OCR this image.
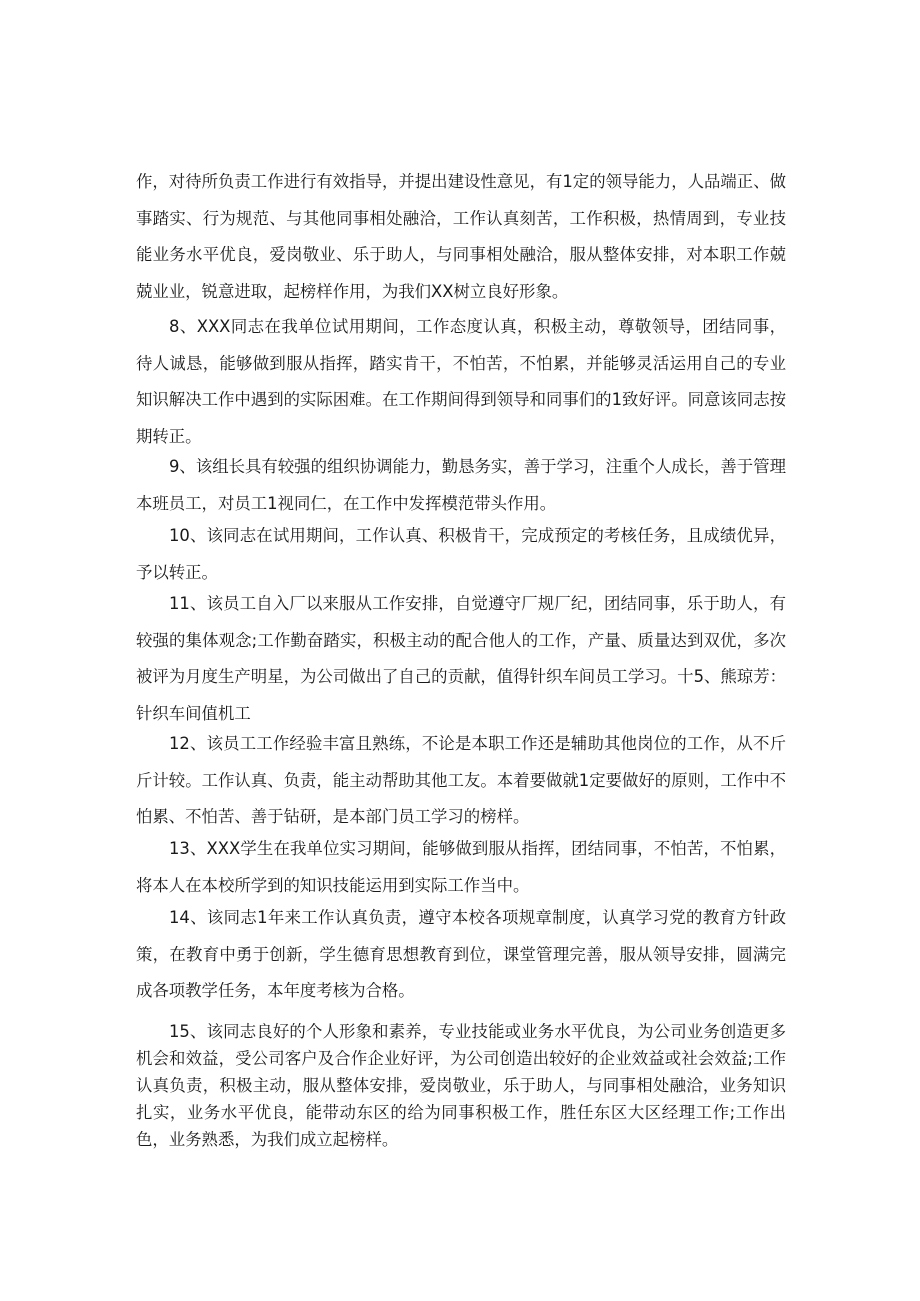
作，对待所负责工作进行有效指导，并提出建设性意见，有1定的领导能力，人品端正、做事踏实、行为规范、与其他同事相处融洽，工作认真刻苦，工作积极，热情周到，专业技能业务水平优良，爱岗敬业、乐于助人，与同事相处融洽，服从整体安排，对本职工作兢兢业业，锐意进取，起榜样作用，为我们XX树立良好形象。

8、XXX同志在我单位试用期间，工作态度认真，积极主动，尊敬领导，团结同事，待人诚恳，能够做到服从指挥，踏实肯干，不怕苦，不怕累，并能够灵活运用自己的专业知识解决工作中遇到的实际困难。在工作期间得到领导和同事们的1致好评。同意该同志按期转正。

9、该组长具有较强的组织协调能力，勤恳务实，善于学习，注重个人成长，善于管理本班员工，对员工1视同仁，在工作中发挥模范带头作用。

10、该同志在试用期间，工作认真、积极肯干，完成预定的考核任务，且成绩优异，予以转正。

11、该员工自入厂以来服从工作安排，自觉遵守厂规厂纪，团结同事，乐于助人，有较强的集体观念;工作勤奋踏实，积极主动的配合他人的工作，产量、质量达到双优，多次被评为月度生产明星，为公司做出了自己的贡献，值得针织车间员工学习。十5、熊琼芳：针织车间值机工

12、该员工工作经验丰富且熟练，不论是本职工作还是辅助其他岗位的工作，从不斤斤计较。工作认真、负责，能主动帮助其他工友。本着要做就1定要做好的原则，工作中不怕累、不怕苦、善于钻研，是本部门员工学习的榜样。

13、XXX学生在我单位实习期间，能够做到服从指挥，团结同事，不怕苦，不怕累，将本人在本校所学到的知识技能运用到实际工作当中。

14、该同志1年来工作认真负责，遵守本校各项规章制度，认真学习党的教育方针政策，在教育中勇于创新，学生德育思想教育到位，课堂管理完善，服从领导安排，圆满完成各项教学任务，本年度考核为合格。

15、该同志良好的个人形象和素养，专业技能或业务水平优良，为公司业务创造更多机会和效益，受公司客户及合作企业好评，为公司创造出较好的企业效益或社会效益;工作认真负责，积极主动，服从整体安排，爱岗敬业，乐于助人，与同事相处融洽，业务知识扎实，业务水平优良，能带动东区的给为同事积极工作，胜任东区大区经理工作;工作出色，业务熟悉，为我们成立起榜样。
